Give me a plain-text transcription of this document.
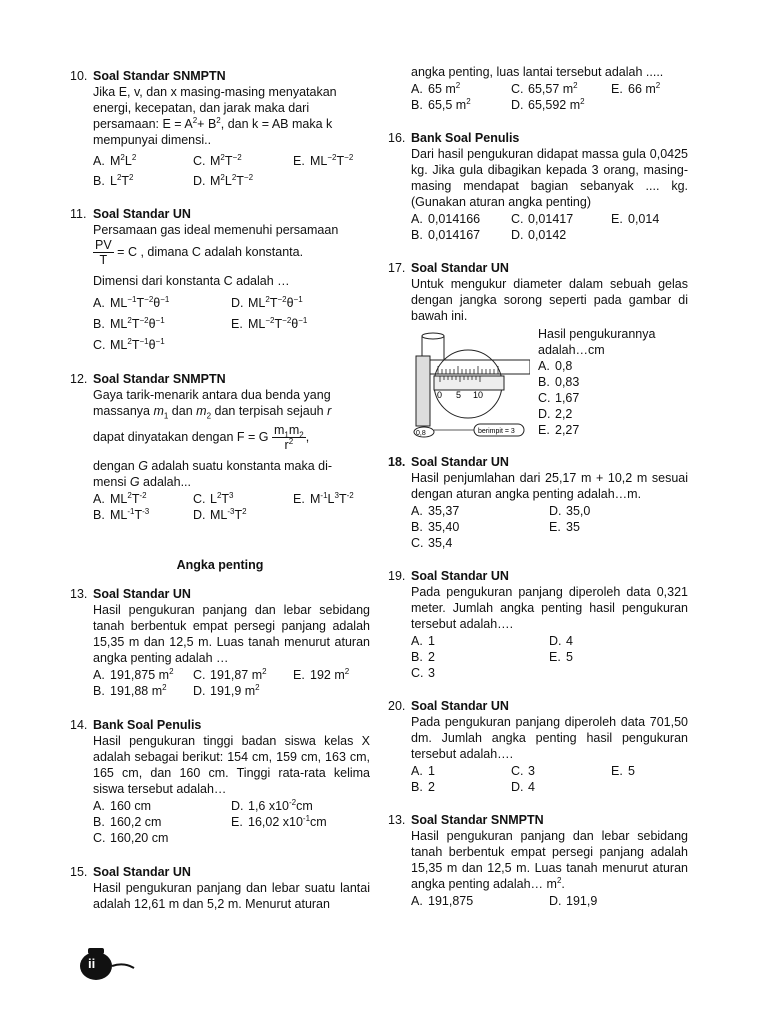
10. Soal Standar SNMPTN
Jika E, v, dan x masing-masing menyatakan
energi, kecepatan, dan jarak maka dari
persamaan: $E = A^2+ B^2$, dan k = AB maka k
mempunyai dimensi..
A. $M^2L^2$	C. $M^2T^{-2}$	E. $ML^{-2}T^{-2}$
B. $L^2T^2$	D. $M^2L^2T^{-2}$
11. Soal Standar UN
Persamaan gas ideal memenuhi persamaan
$\frac{PV}{T} = C$ , dimana C adalah konstanta.
Dimensi dari konstanta C adalah …
A. $ML^{-1}T^{-2}\theta^{-1}$	D. $ML^2T^{-2}\theta^{-1}$
B. $ML^2T^{-2}\theta^{-1}$	E. $ML^{-2}T^{-2}\theta^{-1}$
C. $ML^2T^{-1}\theta^{-1}$
12. Soal Standar SNMPTN
Gaya tarik-menarik antara dua benda yang
massanya $m_1$ dan $m_2$ dan terpisah sejauh r
dapat dinyatakan dengan F = G $\frac{m_1m_2}{r^2}$ ,
dengan G adalah suatu konstanta maka di-
mensi G adalah...
A. $ML^2T^{-2}$	C. $L^2T^3$	E. $M^{-1}L^3T^{-2}$
B. $ML^{-1}T^{-3}$	D. $ML^{-3}T^2$
Angka penting
13. Soal Standar UN
Hasil pengukuran panjang dan lebar sebidang tanah berbentuk empat persegi panjang adalah 15,35 m dan 12,5 m. Luas tanah menurut aturan angka penting adalah …
A. 191,875 $m^2$	C. 191,87 $m^2$	E. 192 $m^2$
B. 191,88 $m^2$	D. 191,9 $m^2$
14. Bank Soal Penulis
Hasil pengukuran tinggi badan siswa kelas X adalah sebagai berikut: 154 cm, 159 cm, 163 cm, 165 cm, dan 160 cm. Tinggi rata-rata kelima siswa tersebut adalah…
A. 160 cm	D. 1,6 $x10^{-2}cm$
B. 160,2 cm	E. 16,02 $x10^{-1}cm$
C. 160,20 cm
15. Soal Standar UN
Hasil pengukuran panjang dan lebar suatu lantai adalah 12,61 m dan 5,2 m. Menurut aturan
angka penting, luas lantai tersebut adalah .....
A. 65 $m^2$	C. 65,57 $m^2$	E. 66 $m^2$
B. 65,5 $m^2$	D. 65,592 $m^2$
16. Bank Soal Penulis
Dari hasil pengukuran didapat massa gula 0,0425 kg. Jika gula dibagikan kepada 3 orang, masing-masing mendapat bagian sebanyak .... kg. (Gunakan aturan angka penting)
A. 0,014166	C. 0,01417	E. 0,014
B. 0,014167	D. 0,0142
17. Soal Standar UN
Untuk mengukur diameter dalam sebuah gelas dengan jangka sorong seperti pada gambar di bawah ini.
0 5 10
0,8	berimpit = 3
Hasil pengukurannya adalah…cm
A. 0,8
B. 0,83
C. 1,67
D. 2,2
E. 2,27
18. Soal Standar UN
Hasil penjumlahan dari 25,17 m + 10,2 m sesuai dengan aturan angka penting adalah…m.
A. 35,37	D. 35,0
B. 35,40	E. 35
C. 35,4
19. Soal Standar UN
Pada pengukuran panjang diperoleh data 0,321 meter. Jumlah angka penting hasil pengukuran tersebut adalah….
A. 1	D. 4
B. 2	E. 5
C. 3
20. Soal Standar UN
Pada pengukuran panjang diperoleh data 701,50 dm. Jumlah angka penting hasil pengukuran tersebut adalah….
A. 1	C. 3	E. 5
B. 2	D. 4
13. Soal Standar SNMPTN
Hasil pengukuran panjang dan lebar sebidang tanah berbentuk empat persegi panjang adalah 15,35 m dan 12,5 m. Luas tanah menurut aturan angka penting adalah… $m^2$.
A. 191,875	D. 191,9
ii
